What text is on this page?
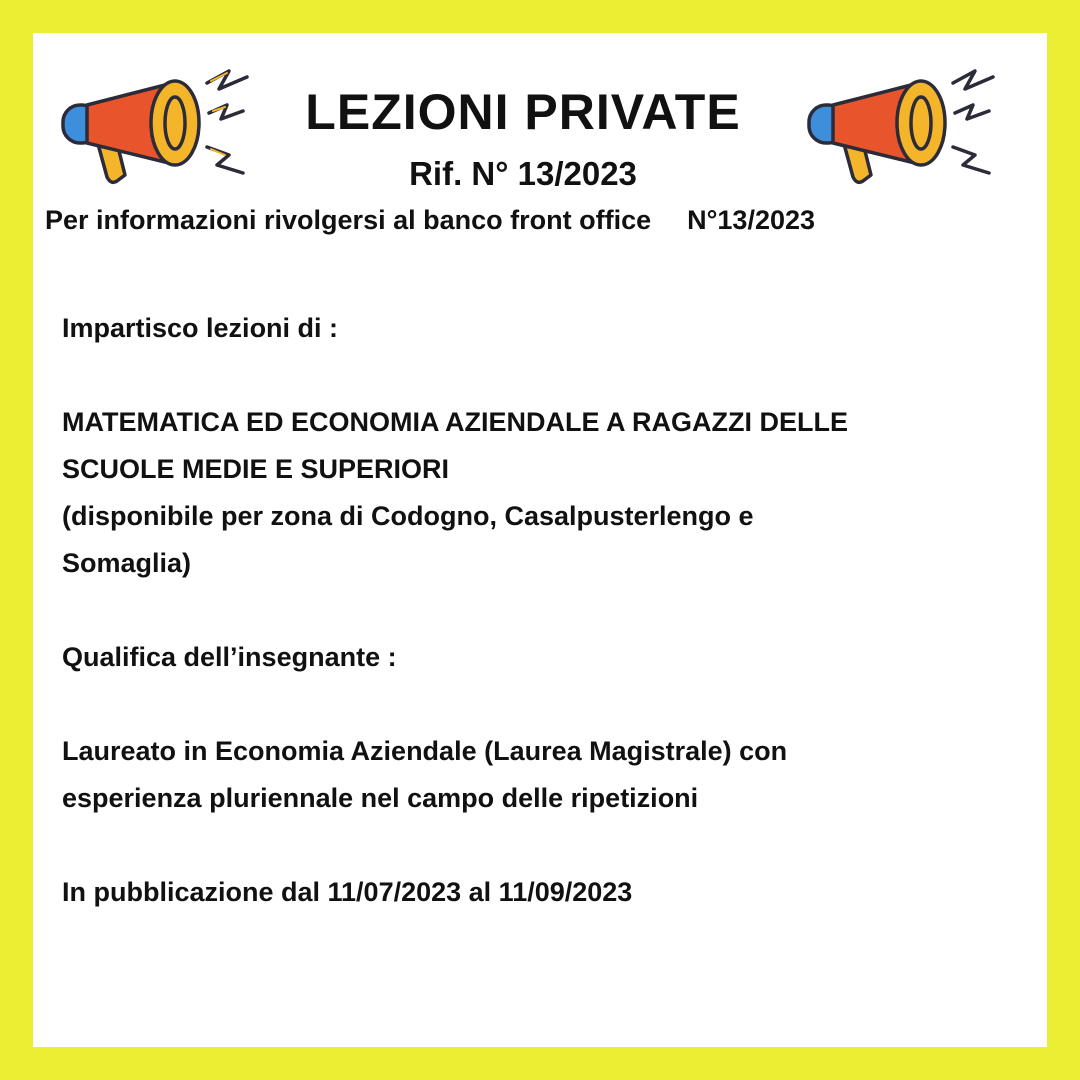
LEZIONI PRIVATE
Rif. N° 13/2023
Per informazioni rivolgersi al banco front office N°13/2023

Impartisco lezioni di :

MATEMATICA ED ECONOMIA AZIENDALE A RAGAZZI DELLE

SCUOLE MEDIE E SUPERIORI

(disponibile per zona di Codogno, Casalpusterlengo e

Somaglia)

Qualifica dell’insegnante :

Laureato in Economia Aziendale (Laurea Magistrale) con

esperienza pluriennale nel campo delle ripetizioni

In pubblicazione dal 11/07/2023 al 11/09/2023
